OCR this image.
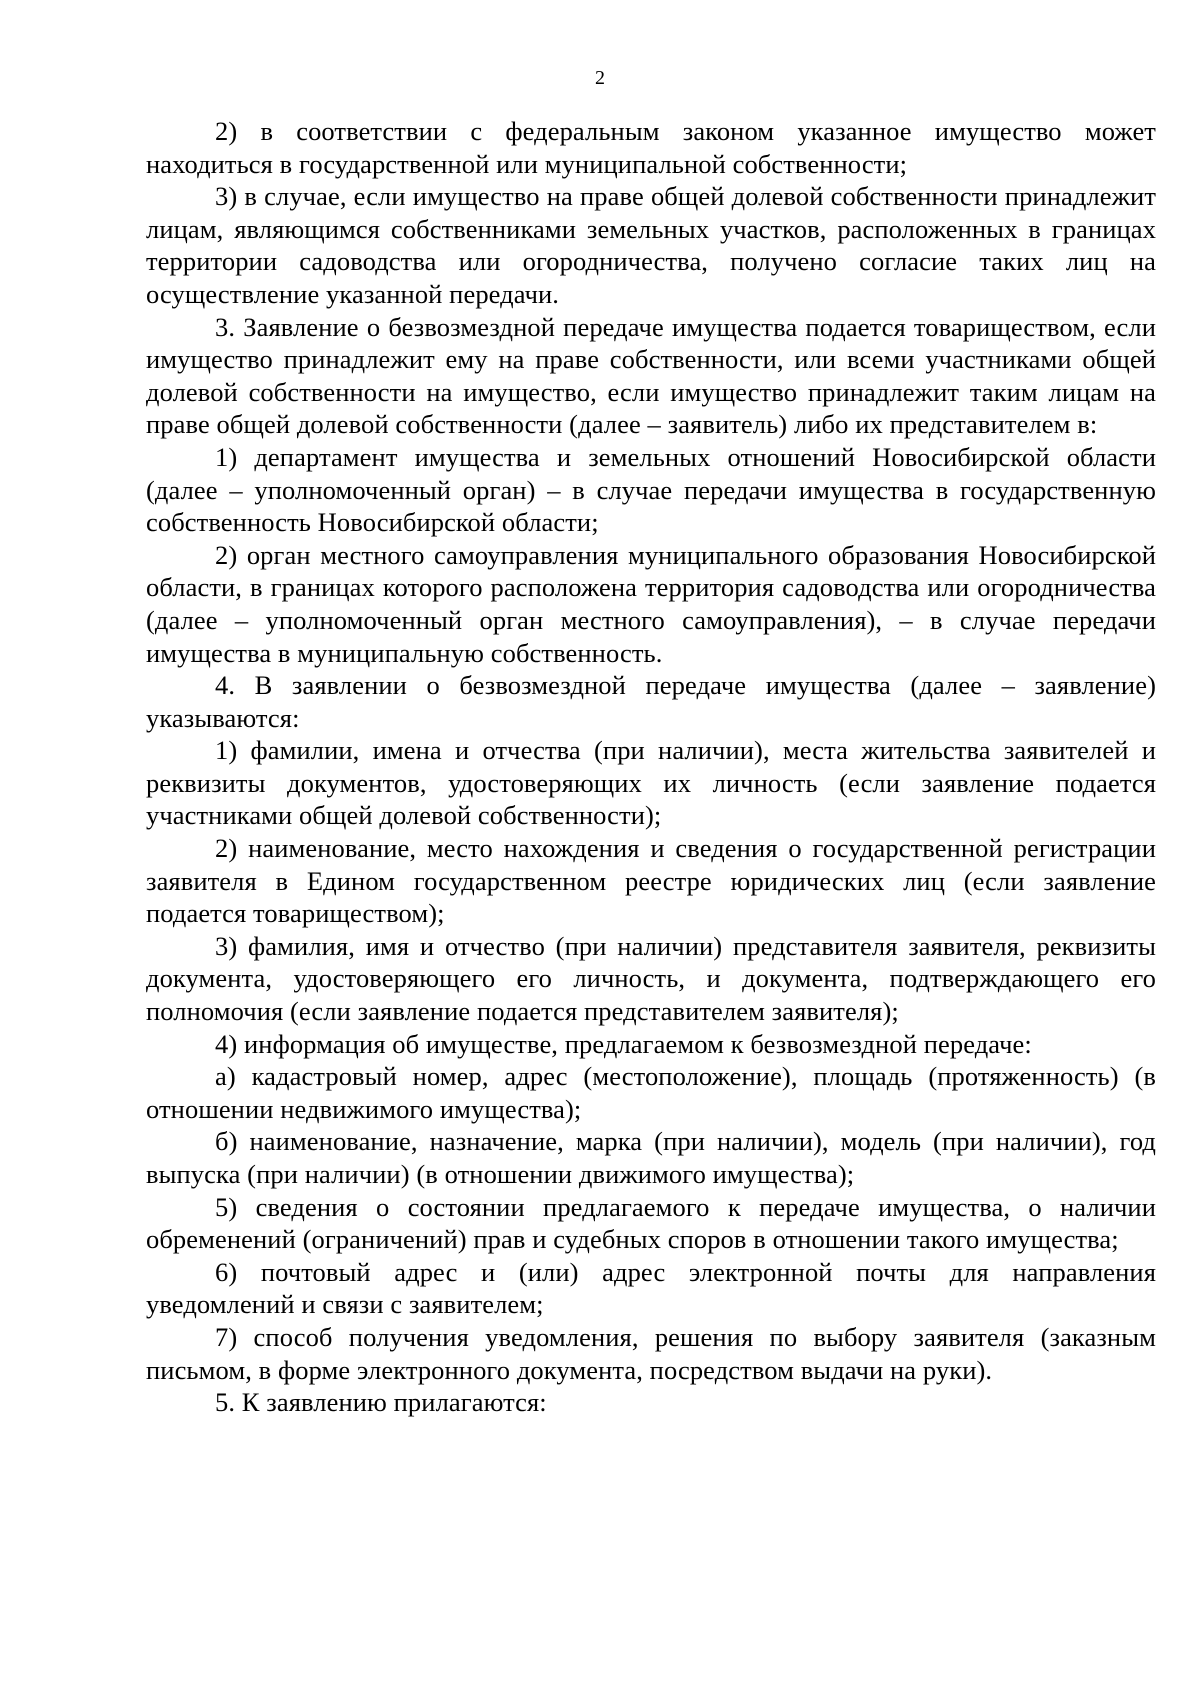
2

2) в соответствии с федеральным законом указанное имущество может находиться в государственной или муниципальной собственности;

3) в случае, если имущество на праве общей долевой собственности принадлежит лицам, являющимся собственниками земельных участков, расположенных в границах территории садоводства или огородничества, получено согласие таких лиц на осуществление указанной передачи.

3. Заявление о безвозмездной передаче имущества подается товариществом, если имущество принадлежит ему на праве собственности, или всеми участниками общей долевой собственности на имущество, если имущество принадлежит таким лицам на праве общей долевой собственности (далее – заявитель) либо их представителем в:

1) департамент имущества и земельных отношений Новосибирской области (далее – уполномоченный орган) – в случае передачи имущества в государственную собственность Новосибирской области;

2) орган местного самоуправления муниципального образования Новосибирской области, в границах которого расположена территория садоводства или огородничества (далее – уполномоченный орган местного самоуправления), – в случае передачи имущества в муниципальную собственность.

4. В заявлении о безвозмездной передаче имущества (далее – заявление) указываются:

1) фамилии, имена и отчества (при наличии), места жительства заявителей и реквизиты документов, удостоверяющих их личность (если заявление подается участниками общей долевой собственности);

2) наименование, место нахождения и сведения о государственной регистрации заявителя в Едином государственном реестре юридических лиц (если заявление подается товариществом);

3) фамилия, имя и отчество (при наличии) представителя заявителя, реквизиты документа, удостоверяющего его личность, и документа, подтверждающего его полномочия (если заявление подается представителем заявителя);

4) информация об имуществе, предлагаемом к безвозмездной передаче:

а) кадастровый номер, адрес (местоположение), площадь (протяженность) (в отношении недвижимого имущества);

б) наименование, назначение, марка (при наличии), модель (при наличии), год выпуска (при наличии) (в отношении движимого имущества);

5) сведения о состоянии предлагаемого к передаче имущества, о наличии обременений (ограничений) прав и судебных споров в отношении такого имущества;

6) почтовый адрес и (или) адрес электронной почты для направления уведомлений и связи с заявителем;

7) способ получения уведомления, решения по выбору заявителя (заказным письмом, в форме электронного документа, посредством выдачи на руки).

5. К заявлению прилагаются:
